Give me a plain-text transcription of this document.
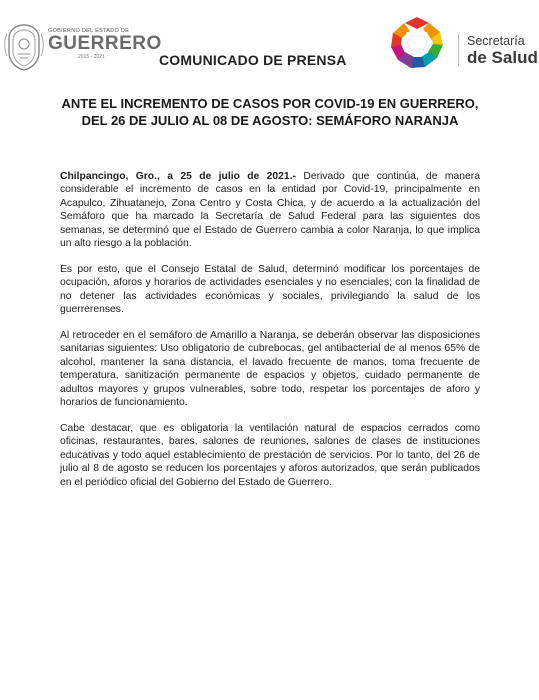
GOBIERNO DEL ESTADO DE
GUERRERO
2015 - 2021	COMUNICADO DE PRENSA
Secretaría
de Salud
ANTE EL INCREMENTO DE CASOS POR COVID-19 EN GUERRERO, DEL 26 DE JULIO AL 08 DE AGOSTO: SEMÁFORO NARANJA

Chilpancingo, Gro., a 25 de julio de 2021.- Derivado que continúa, de manera considerable el incremento de casos en la entidad por Covid-19, principalmente en Acapulco, Zihuatanejo, Zona Centro y Costa Chica, y de acuerdo a la actualización del Semáforo que ha marcado la Secretaría de Salud Federal para las siguientes dos semanas, se determinó que el Estado de Guerrero cambia a color Naranja, lo que implica un alto riesgo a la población.

Es por esto, que el Consejo Estatal de Salud, determinó modificar los porcentajes de ocupación, aforos y horarios de actividades esenciales y no esenciales; con la finalidad de no detener las actividades económicas y sociales, privilegiando la salud de los guerrerenses.

Al retroceder en el semáforo de Amarillo a Naranja, se deberán observar las disposiciones sanitarias siguientes: Uso obligatorio de cubrebocas, gel antibacterial de al menos 65% de alcohol, mantener la sana distancia, el lavado frecuente de manos, toma frecuente de temperatura, sanitización permanente de espacios y objetos, cuidado permanente de adultos mayores y grupos vulnerables, sobre todo, respetar los porcentajes de aforo y horarios de funcionamiento.

Cabe destacar, que es obligatoria la ventilación natural de espacios cerrados como oficinas, restaurantes, bares, salones de reuniones, salones de clases de instituciones educativas y todo aquel establecimiento de prestación de servicios. Por lo tanto, del 26 de julio al 8 de agosto se reducen los porcentajes y aforos autorizados, que serán publicados en el periódico oficial del Gobierno del Estado de Guerrero.
